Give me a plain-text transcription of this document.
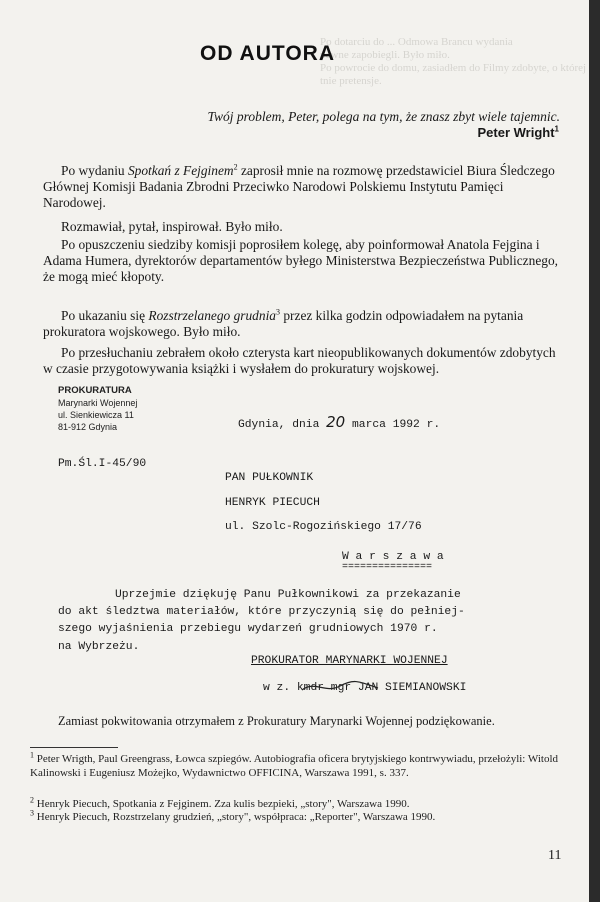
Po dotarciu do ... Odmowa Brancu wydania
pewne zapobiegli. Było miło.
Po powrocie do domu, zasiadłem do Filmy zdobyte, o której tnie pretensje.
OD AUTORA
Twój problem, Peter, polega na tym, że znasz zbyt wiele tajemnic.
Peter Wright$^1$
Po wydaniu Spotkań z Fejginem$^2$ zaprosił mnie na rozmowę przedstawiciel Biura Śledczego Głównej Komisji Badania Zbrodni Przeciwko Narodowi Polskiemu Instytutu Pamięci Narodowej.
Rozmawiał, pytał, inspirował. Było miło.
Po opuszczeniu siedziby komisji poprosiłem kolegę, aby poinformował Anatola Fejgina i Adama Humera, dyrektorów departamentów byłego Ministerstwa Bezpieczeństwa Publicznego, że mogą mieć kłopoty.
Po ukazaniu się Rozstrzelanego grudnia$^3$ przez kilka godzin odpowiadałem na pytania prokuratora wojskowego. Było miło.
Po przesłuchaniu zebrałem około czterysta kart nieopublikowanych dokumentów zdobytych w czasie przygotowywania książki i wysłałem do prokuratury wojskowej.
PROKURATURA
Marynarki Wojennej
ul. Sienkiewicza 11
81-912 Gdynia	Gdynia, dnia 20 marca 1992 r.
Pm.Śl.I-45/90
PAN PUŁKOWNIK
HENRYK PIECUCH
ul. Szolc-Rogozińskiego 17/76
W a r s z a w a
===============
Uprzejmie dziękuję Panu Pułkownikowi za przekazanie
do akt śledztwa materiałów, które przyczynią się do pełniej-
szego wyjaśnienia przebiegu wydarzeń grudniowych 1970 r.
na Wybrzeżu.
PROKURATOR MARYNARKI WOJENNEJ
w z. kmdr mgr JAN SIEMIANOWSKI
Zamiast pokwitowania otrzymałem z Prokuratury Marynarki Wojennej podziękowanie.
$^1$ Peter Wrigth, Paul Greengrass, Łowca szpiegów. Autobiografia oficera brytyjskiego kontrwywiadu, przełożyli: Witold Kalinowski i Eugeniusz Możejko, Wydawnictwo OFFICINA, Warszawa 1991, s. 337.
$^2$ Henryk Piecuch, Spotkania z Fejginem. Zza kulis bezpieki, „story", Warszawa 1990.
$^3$ Henryk Piecuch, Rozstrzelany grudzień, „story", współpraca: „Reporter", Warszawa 1990.
11
